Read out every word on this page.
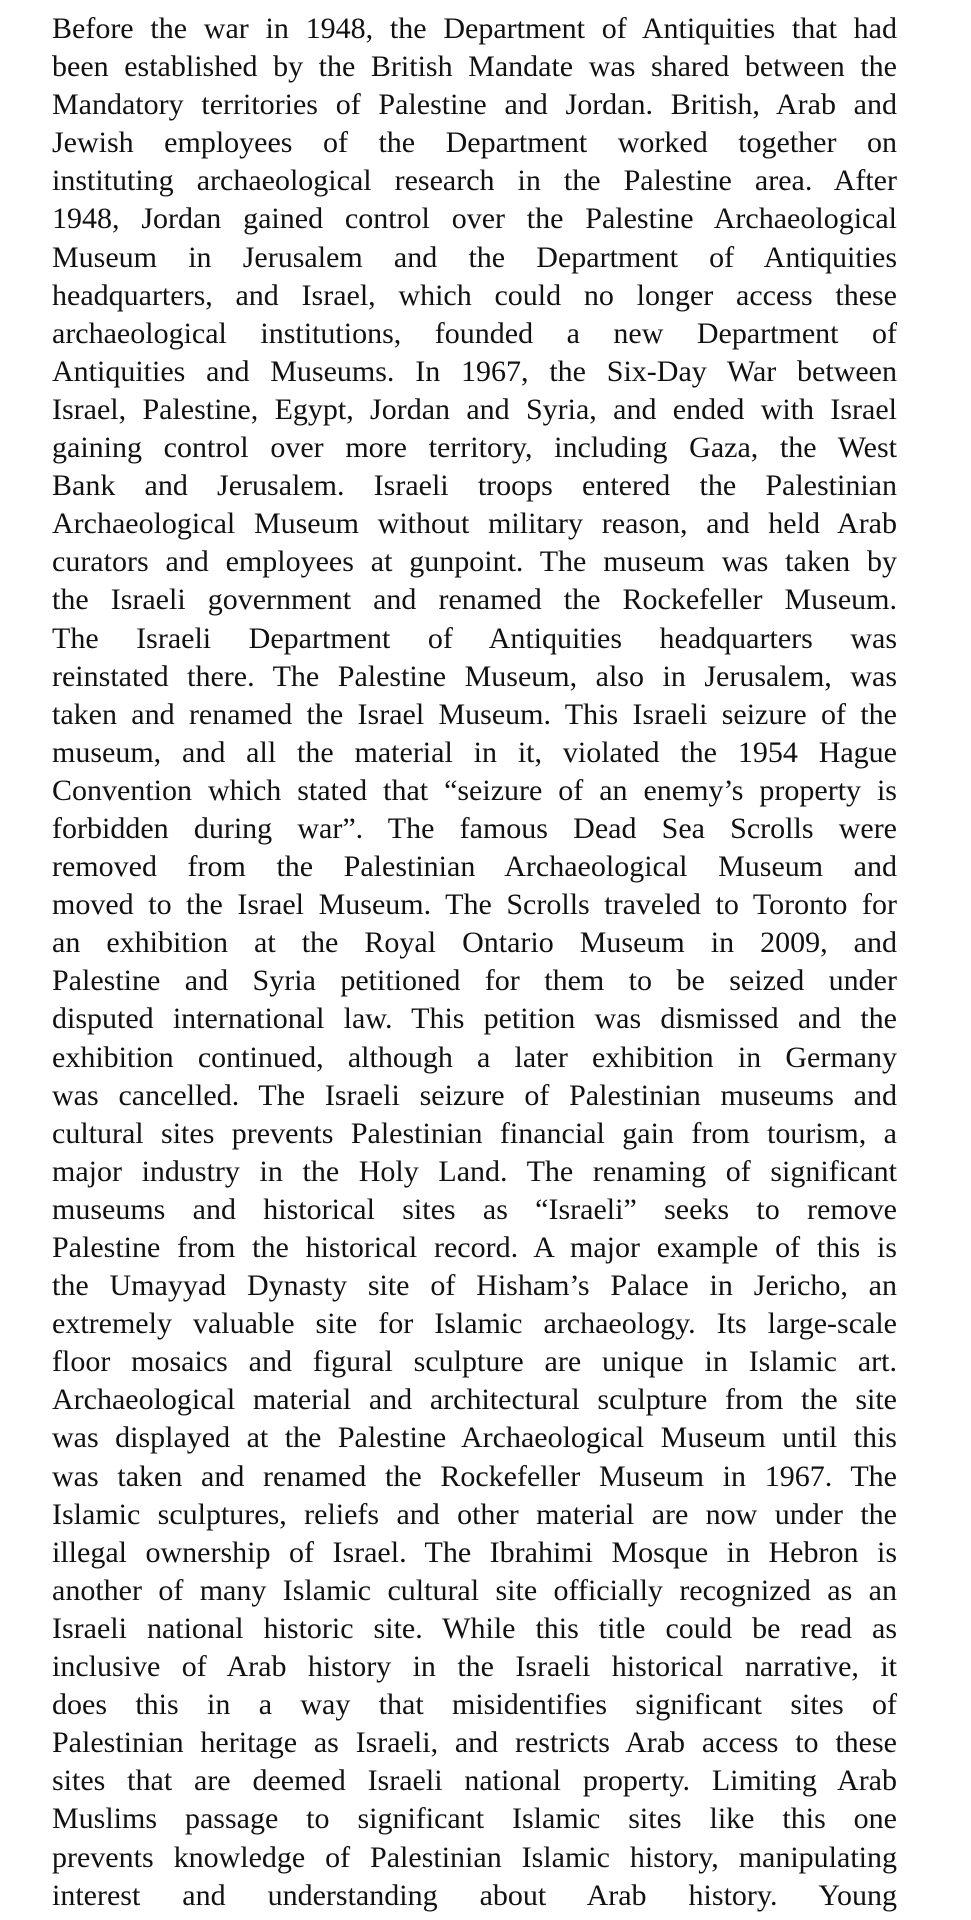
Before the war in 1948, the Department of Antiquities that had
been established by the British Mandate was shared between the
Mandatory territories of Palestine and Jordan. British, Arab and
Jewish employees of the Department worked together on
instituting archaeological research in the Palestine area. After
1948, Jordan gained control over the Palestine Archaeological
Museum in Jerusalem and the Department of Antiquities
headquarters, and Israel, which could no longer access these
archaeological institutions, founded a new Department of
Antiquities and Museums. In 1967, the Six-Day War between
Israel, Palestine, Egypt, Jordan and Syria, and ended with Israel
gaining control over more territory, including Gaza, the West
Bank and Jerusalem. Israeli troops entered the Palestinian
Archaeological Museum without military reason, and held Arab
curators and employees at gunpoint. The museum was taken by
the Israeli government and renamed the Rockefeller Museum.
The Israeli Department of Antiquities headquarters was
reinstated there. The Palestine Museum, also in Jerusalem, was
taken and renamed the Israel Museum. This Israeli seizure of the
museum, and all the material in it, violated the 1954 Hague
Convention which stated that “seizure of an enemy’s property is
forbidden during war”. The famous Dead Sea Scrolls were
removed from the Palestinian Archaeological Museum and
moved to the Israel Museum. The Scrolls traveled to Toronto for
an exhibition at the Royal Ontario Museum in 2009, and
Palestine and Syria petitioned for them to be seized under
disputed international law. This petition was dismissed and the
exhibition continued, although a later exhibition in Germany
was cancelled. The Israeli seizure of Palestinian museums and
cultural sites prevents Palestinian financial gain from tourism, a
major industry in the Holy Land. The renaming of significant
museums and historical sites as “Israeli” seeks to remove
Palestine from the historical record. A major example of this is
the Umayyad Dynasty site of Hisham’s Palace in Jericho, an
extremely valuable site for Islamic archaeology. Its large-scale
floor mosaics and figural sculpture are unique in Islamic art.
Archaeological material and architectural sculpture from the site
was displayed at the Palestine Archaeological Museum until this
was taken and renamed the Rockefeller Museum in 1967. The
Islamic sculptures, reliefs and other material are now under the
illegal ownership of Israel. The Ibrahimi Mosque in Hebron is
another of many Islamic cultural site officially recognized as an
Israeli national historic site. While this title could be read as
inclusive of Arab history in the Israeli historical narrative, it
does this in a way that misidentifies significant sites of
Palestinian heritage as Israeli, and restricts Arab access to these
sites that are deemed Israeli national property. Limiting Arab
Muslims passage to significant Islamic sites like this one
prevents knowledge of Palestinian Islamic history, manipulating
interest and understanding about Arab history. Young
